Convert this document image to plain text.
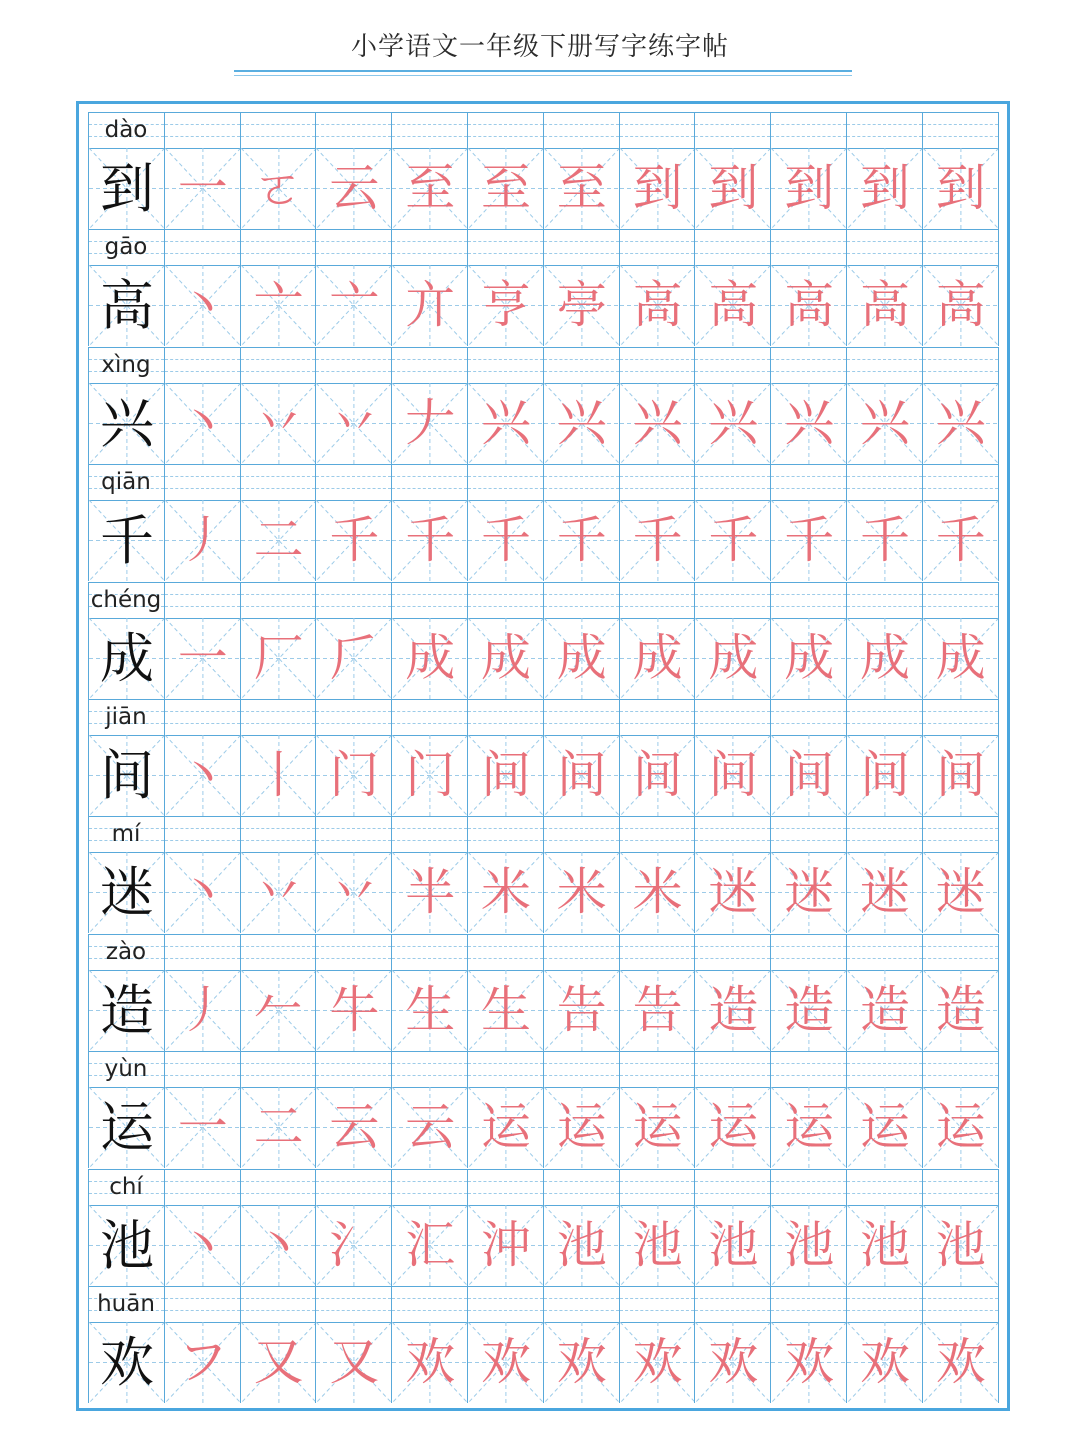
小学语文一年级下册写字练字帖
dào
到 一 ㄛ 云 至 至 至 到 到 到 到 到
gāo
高 丶 亠 亠 亣 亨 亭 高 高 高 高 高
xìng
兴 丶 丷 丷 𠂇 兴 兴 兴 兴 兴 兴 兴
qiān
千 丿 二 千 千 千 千 千 千 千 千 千
chéng
成 一 厂 𠂆 成 成 成 成 成 成 成 成
jiān
间 丶 丨 门 门 间 间 间 间 间 间 间
mí
迷 丶 丷 丷 半 米 米 米 迷 迷 迷 迷
zào
造 丿 𠂉 牛 生 生 告 告 造 造 造 造
yùn
运 一 二 云 云 运 运 运 运 运 运 运
chí
池 丶 丶 氵 汇 沖 池 池 池 池 池 池
huān
欢 フ 又 又 欢 欢 欢 欢 欢 欢 欢 欢
